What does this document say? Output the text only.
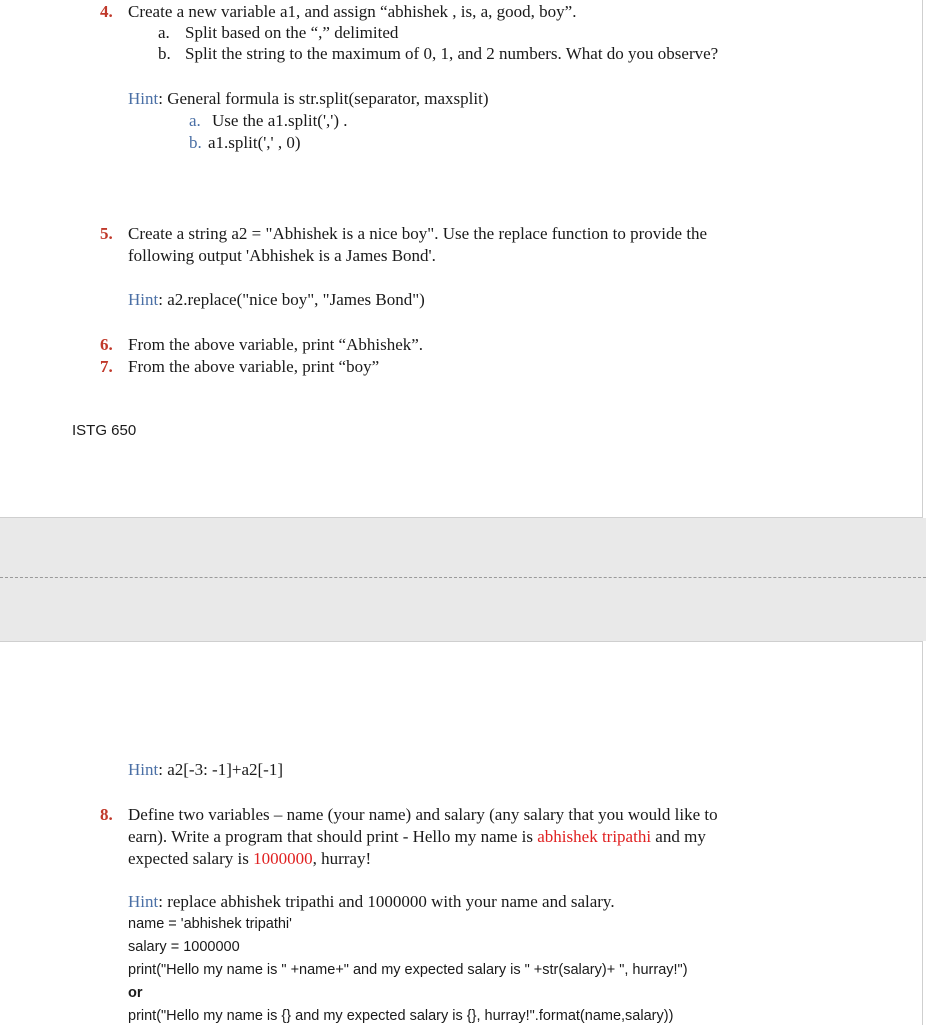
4. Create a new variable a1, and assign “abhishek , is, a, good, boy”.
a. Split based on the “,” delimited
b. Split the string to the maximum of 0, 1, and 2 numbers. What do you observe?
Hint: General formula is str.split(separator, maxsplit)
a. Use the a1.split(',') .
b. a1.split(',' , 0)
5. Create a string a2 = "Abhishek is a nice boy". Use the replace function to provide the
following output 'Abhishek is a James Bond'.
Hint: a2.replace("nice boy", "James Bond")
6. From the above variable, print “Abhishek”.
7. From the above variable, print “boy”
ISTG 650
Hint: a2[-3: -1]+a2[-1]
8. Define two variables – name (your name) and salary (any salary that you would like to
earn). Write a program that should print - Hello my name is abhishek tripathi and my
expected salary is 1000000, hurray!
Hint: replace abhishek tripathi and 1000000 with your name and salary.
name = 'abhishek tripathi'
salary = 1000000
print("Hello my name is " +name+" and my expected salary is " +str(salary)+ ", hurray!")
or
print("Hello my name is {} and my expected salary is {}, hurray!".format(name,salary))
